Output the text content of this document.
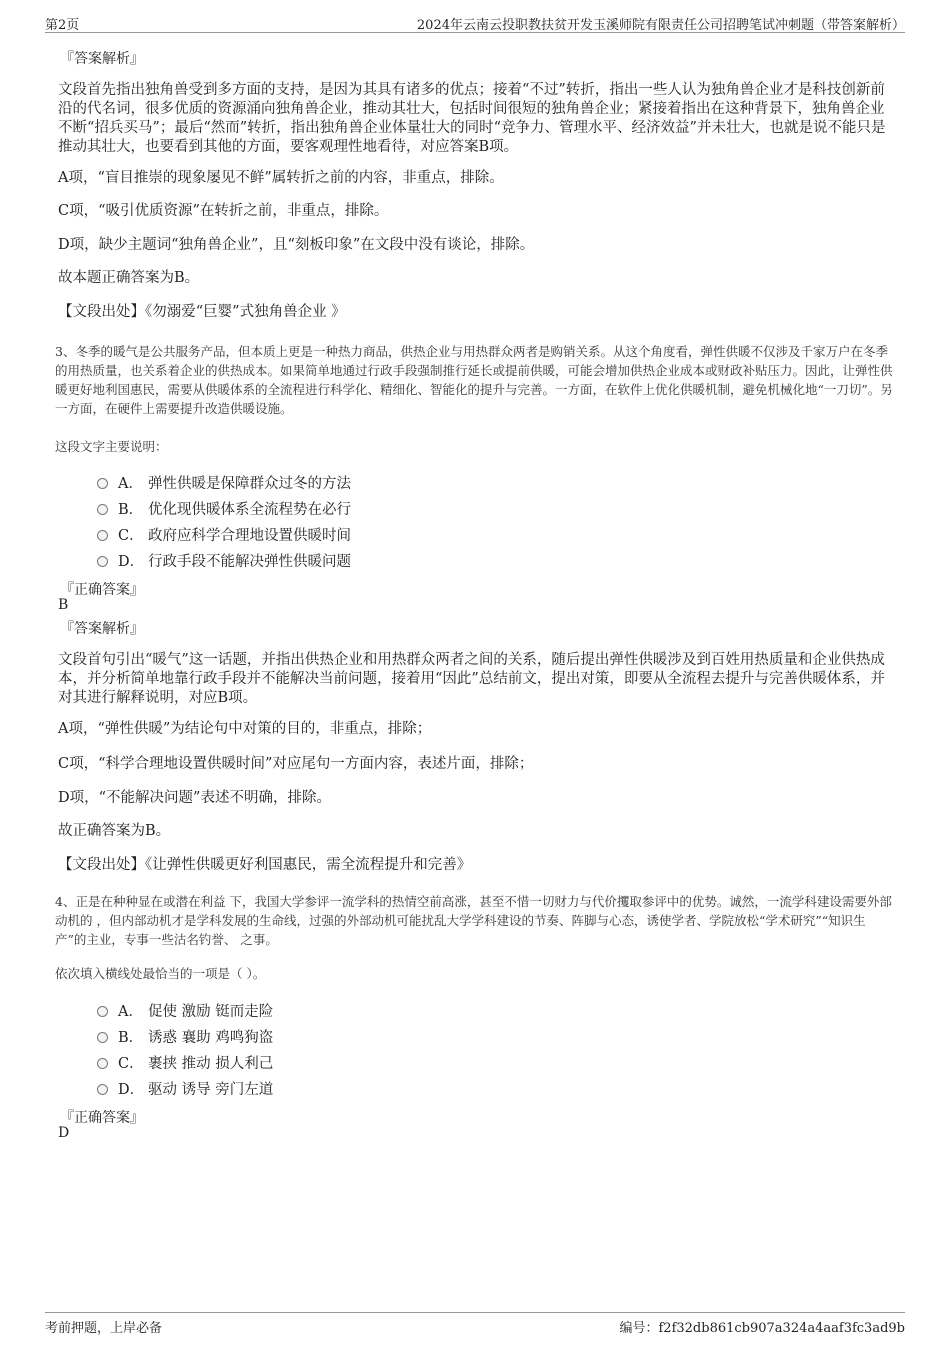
第2页	2024年云南云投职教扶贫开发玉溪师院有限责任公司招聘笔试冲刺题（带答案解析）
『答案解析』
文段首先指出独角兽受到多方面的支持，是因为其具有诸多的优点；接着“不过”转折，指出一些人认为独角兽企业才是科技创新前沿的代名词，很多优质的资源涌向独角兽企业，推动其壮大，包括时间很短的独角兽企业；紧接着指出在这种背景下，独角兽企业不断“招兵买马”；最后“然而”转折，指出独角兽企业体量壮大的同时“竞争力、管理水平、经济效益”并未壮大，也就是说不能只是推动其壮大，也要看到其他的方面，要客观理性地看待，对应答案B项。
A项，“盲目推崇的现象屡见不鲜”属转折之前的内容，非重点，排除。
C项，“吸引优质资源”在转折之前，非重点，排除。
D项，缺少主题词“独角兽企业”，且“刻板印象”在文段中没有谈论，排除。
故本题正确答案为B。
【文段出处】《勿溺爱“巨婴”式独角兽企业 》
3、冬季的暖气是公共服务产品，但本质上更是一种热力商品，供热企业与用热群众两者是购销关系。从这个角度看，弹性供暖不仅涉及千家万户在冬季的用热质量，也关系着企业的供热成本。如果简单地通过行政手段强制推行延长或提前供暖，可能会增加供热企业成本或财政补贴压力。因此，让弹性供暖更好地利国惠民，需要从供暖体系的全流程进行科学化、精细化、智能化的提升与完善。一方面，在软件上优化供暖机制，避免机械化地“一刀切”。另一方面，在硬件上需要提升改造供暖设施。
这段文字主要说明：
A． 弹性供暖是保障群众过冬的方法
B． 优化现供暖体系全流程势在必行
C． 政府应科学合理地设置供暖时间
D． 行政手段不能解决弹性供暖问题
『正确答案』
B
『答案解析』
文段首句引出“暖气”这一话题，并指出供热企业和用热群众两者之间的关系，随后提出弹性供暖涉及到百姓用热质量和企业供热成本，并分析简单地靠行政手段并不能解决当前问题，接着用“因此”总结前文，提出对策，即要从全流程去提升与完善供暖体系，并对其进行解释说明，对应B项。
A项，“弹性供暖”为结论句中对策的目的，非重点，排除；
C项，“科学合理地设置供暖时间”对应尾句一方面内容，表述片面，排除；
D项，“不能解决问题”表述不明确，排除。
故正确答案为B。
【文段出处】《让弹性供暖更好利国惠民，需全流程提升和完善》
4、正是在种种显在或潜在利益 下，我国大学参评一流学科的热情空前高涨，甚至不惜一切财力与代价攫取参评中的优势。诚然，一流学科建设需要外部动机的 ，但内部动机才是学科发展的生命线，过强的外部动机可能扰乱大学学科建设的节奏、阵脚与心态，诱使学者、学院放松“学术研究”“知识生产”的主业，专事一些沽名钓誉、 之事。
依次填入横线处最恰当的一项是（ ）。
A． 促使 激励 铤而走险
B． 诱惑 襄助 鸡鸣狗盗
C． 裹挟 推动 损人利己
D． 驱动 诱导 旁门左道
『正确答案』
D
考前押题，上岸必备	编号：f2f32db861cb907a324a4aaf3fc3ad9b
